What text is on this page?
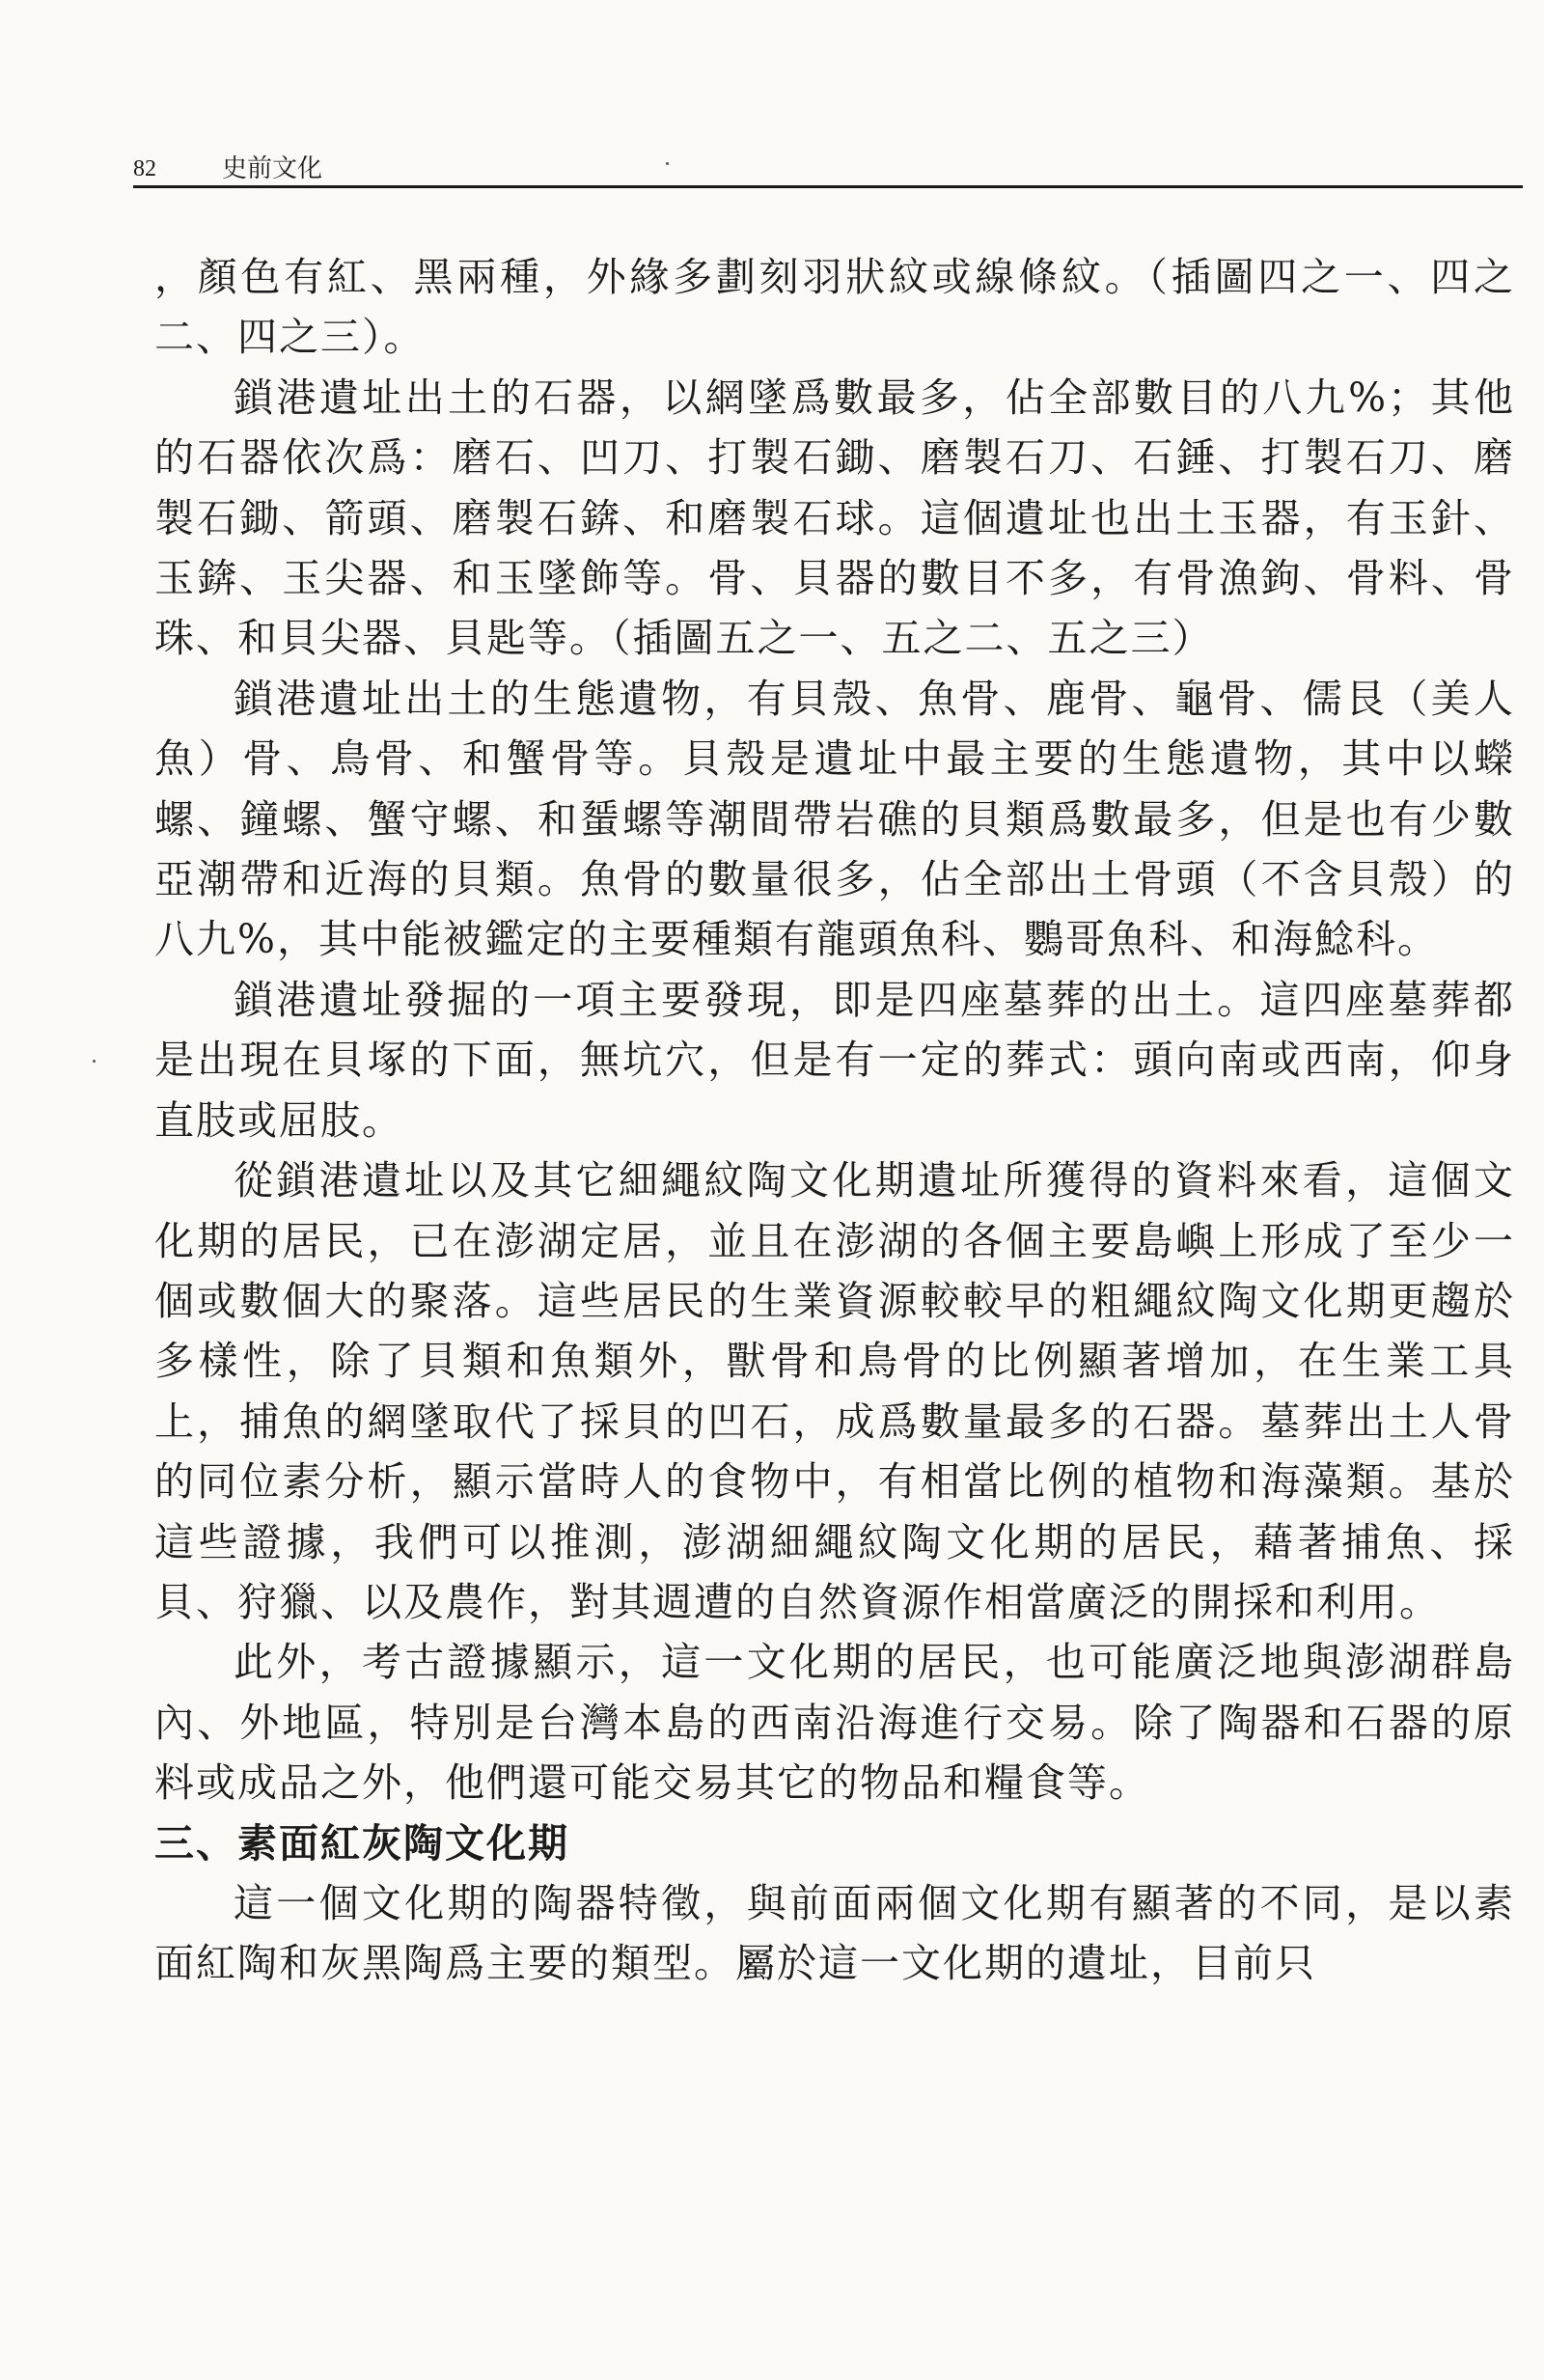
82	史前文化

，顏色有紅、黑兩種，外緣多劃刻羽狀紋或線條紋。（插圖四之一、四之二、四之三）。

鎖港遺址出土的石器，以網墜爲數最多，佔全部數目的八九%；其他的石器依次爲：磨石、凹刀、打製石鋤、磨製石刀、石錘、打製石刀、磨製石鋤、箭頭、磨製石錛、和磨製石球。這個遺址也出土玉器，有玉針、玉錛、玉尖器、和玉墜飾等。骨、貝器的數目不多，有骨漁鉤、骨料、骨珠、和貝尖器、貝匙等。（插圖五之一、五之二、五之三）

鎖港遺址出土的生態遺物，有貝殼、魚骨、鹿骨、龜骨、儒艮（美人魚）骨、鳥骨、和蟹骨等。貝殼是遺址中最主要的生態遺物，其中以蠑螺、鐘螺、蟹守螺、和蜑螺等潮間帶岩礁的貝類爲數最多，但是也有少數亞潮帶和近海的貝類。魚骨的數量很多，佔全部出土骨頭（不含貝殼）的八九%，其中能被鑑定的主要種類有龍頭魚科、鸚哥魚科、和海鯰科。

鎖港遺址發掘的一項主要發現，即是四座墓葬的出土。這四座墓葬都是出現在貝塚的下面，無坑穴，但是有一定的葬式：頭向南或西南，仰身直肢或屈肢。

從鎖港遺址以及其它細繩紋陶文化期遺址所獲得的資料來看，這個文化期的居民，已在澎湖定居，並且在澎湖的各個主要島嶼上形成了至少一個或數個大的聚落。這些居民的生業資源較較早的粗繩紋陶文化期更趨於多樣性，除了貝類和魚類外，獸骨和鳥骨的比例顯著增加，在生業工具上，捕魚的網墜取代了採貝的凹石，成爲數量最多的石器。墓葬出土人骨的同位素分析，顯示當時人的食物中，有相當比例的植物和海藻類。基於這些證據，我們可以推測，澎湖細繩紋陶文化期的居民，藉著捕魚、採貝、狩獵、以及農作，對其週遭的自然資源作相當廣泛的開採和利用。

此外，考古證據顯示，這一文化期的居民，也可能廣泛地與澎湖群島內、外地區，特別是台灣本島的西南沿海進行交易。除了陶器和石器的原料或成品之外，他們還可能交易其它的物品和糧食等。

三、素面紅灰陶文化期

這一個文化期的陶器特徵，與前面兩個文化期有顯著的不同，是以素面紅陶和灰黑陶爲主要的類型。屬於這一文化期的遺址，目前只
